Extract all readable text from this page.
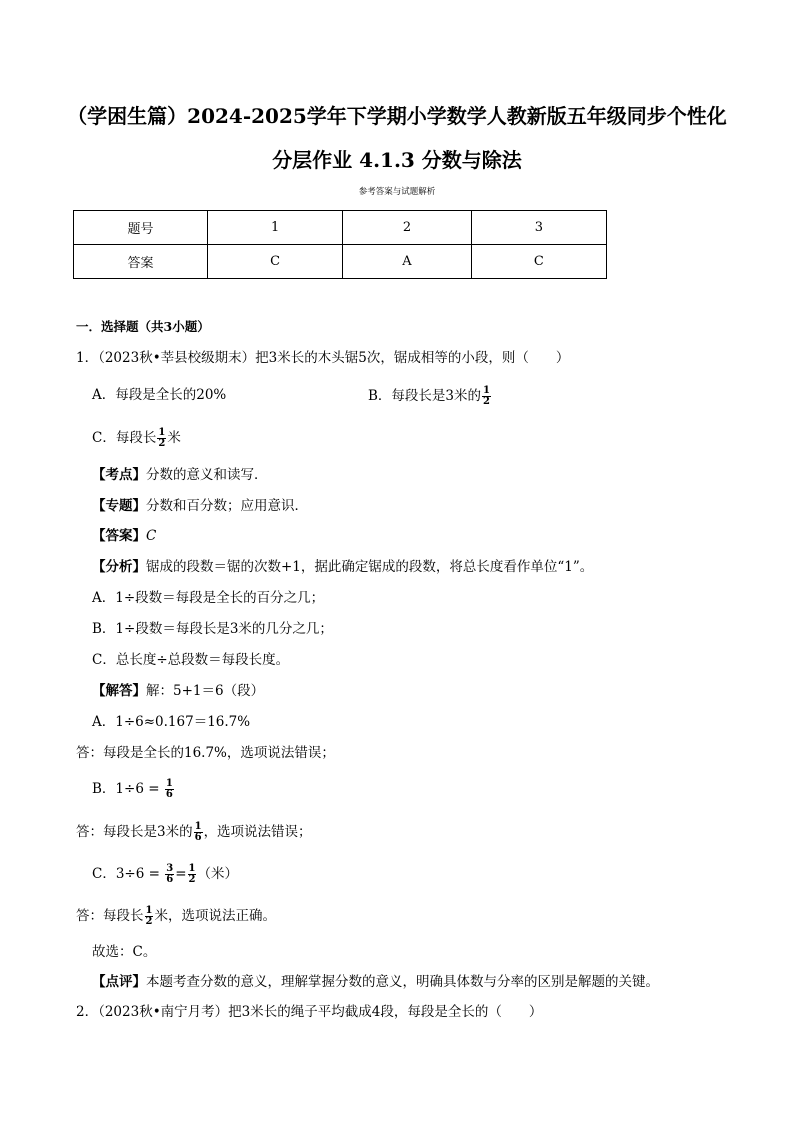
（学困生篇）2024-2025学年下学期小学数学人教新版五年级同步个性化
分层作业 4.1.3 分数与除法
参考答案与试题解析
题号	1	2	3
答案	C	A	C
一．选择题（共3小题）
1．（2023秋•莘县校级期末）把3米长的木头锯5次，锯成相等的小段，则（　　）
A．每段是全长的20%	B．每段长是3米的 $\frac{1}{2}$
C．每段长 $\frac{1}{2}$ 米
【考点】分数的意义和读写．
【专题】分数和百分数；应用意识．
【答案】C
【分析】锯成的段数＝锯的次数+1，据此确定锯成的段数，将总长度看作单位“1”。
A．1÷段数＝每段是全长的百分之几；
B．1÷段数＝每段长是3米的几分之几；
C．总长度÷总段数＝每段长度。
【解答】解：5+1＝6（段）
A．1÷6≈0.167＝16.7%
答：每段是全长的16.7%，选项说法错误；
B．$1\div 6 = \frac{1}{6}$
答：每段长是3米的 $\frac{1}{6}$ ，选项说法错误；
C．$3\div 6 = \frac{3}{6} = \frac{1}{2}$ （米）
答：每段长 $\frac{1}{2}$ 米，选项说法正确。
故选：C。
【点评】本题考查分数的意义，理解掌握分数的意义，明确具体数与分率的区别是解题的关键。
2．（2023秋•南宁月考）把3米长的绳子平均截成4段，每段是全长的（　　）
